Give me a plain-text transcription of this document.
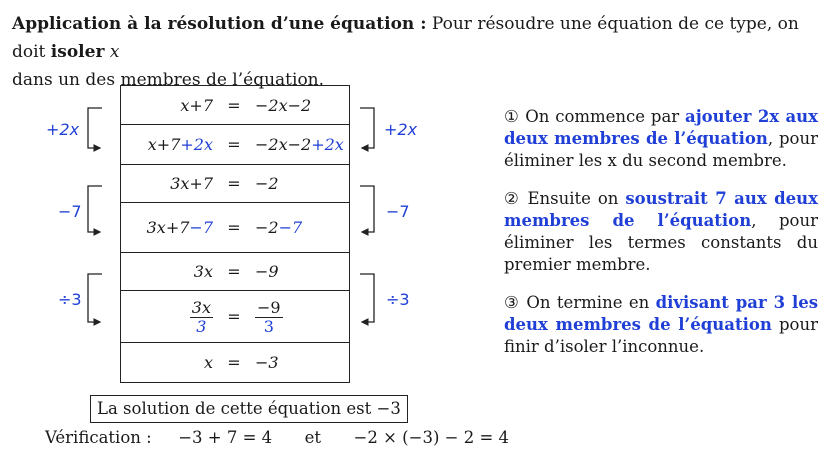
Application à la résolution d’une équation : Pour résoudre une équation de ce type, on doit isoler x
dans un des membres de l’équation.
+2x
−7
÷3
+2x
−7
÷3
x+7 = −2x−2
x+7+2x = −2x−2+2x
3x+7 = −2
3x+7−7 = −2−7
3x = −9
$\frac{3x}{3} = \frac{-9}{3}$
x = −3
① On commence par ajouter 2x aux deux membres de l’équation, pour éliminer les x du second membre.
② Ensuite on soustrait 7 aux deux membres de l’équation, pour éliminer les termes constants du premier membre.
③ On termine en divisant par 3 les deux membres de l’équation pour finir d’isoler l’inconnue.
La solution de cette équation est −3
Vérification : −3 + 7 = 4 et −2 × (−3) − 2 = 4
